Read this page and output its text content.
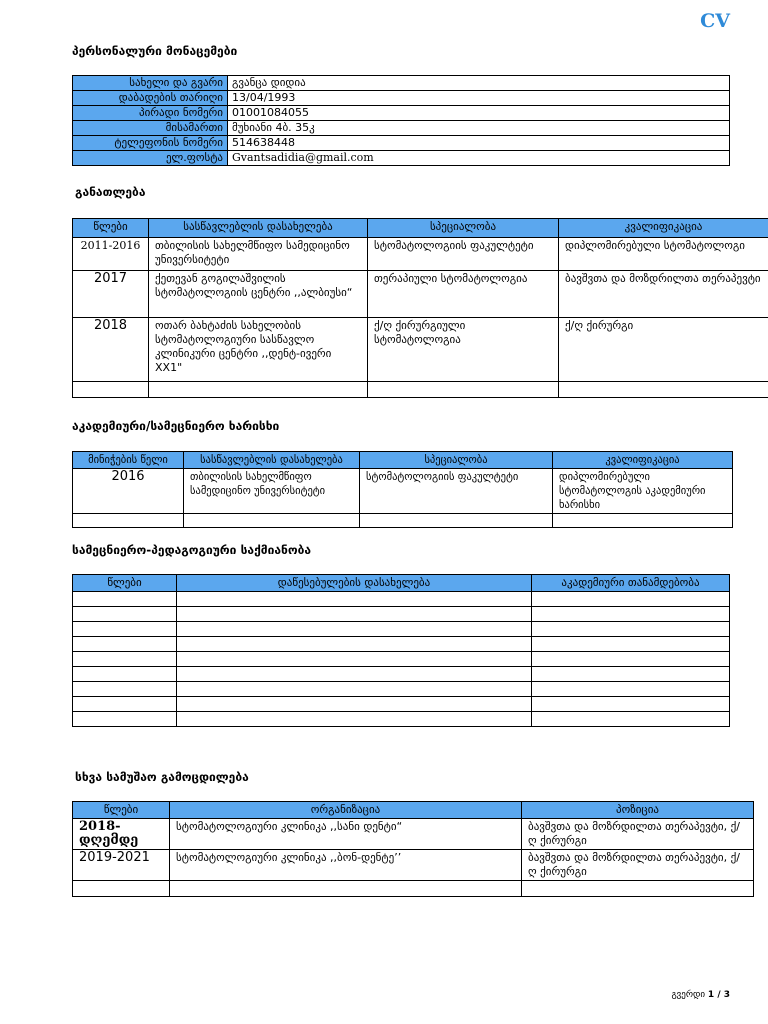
CV
პერსონალური მონაცემები
სახელი და გვარი	გვანცა დიდია
დაბადების თარიღი	13/04/1993
პირადი ნომერი	01001084055
მისამართი	მუხიანი 4ბ. 35კ
ტელეფონის ნომერი	514638448
ელ.ფოსტა	Gvantsadidia@gmail.com
განათლება
წლები	სასწავლებლის დასახელება	სპეციალობა	კვალიფიკაცია
2011-2016	თბილისის სახელმწიფო სამედიცინო უნივერსიტეტი	სტომატოლოგიის ფაკულტეტი	დიპლომირებული სტომატოლოგი
2017	ქეთევან გოგილაშვილის სტომატოლოგიის ცენტრი ,,ალბიუსი“	თერაპიული სტომატოლოგია	ბავშვთა და მოზდრილთა თერაპევტი
2018	ოთარ ბახტაძის სახელობის სტომატოლოგიური სასწავლო კლინიკური ცენტრი ,,დენტ-ივერი XX1"	ქ/ღ ქირურგიული სტომატოლოგია	ქ/ღ ქირურგი

აკადემიური/სამეცნიერო ხარისხი
მინიჭების წელი	სასწავლებლის დასახელება	სპეციალობა	კვალიფიკაცია
2016	თბილისის სახელმწიფო სამედიცინო უნივერსიტეტი	სტომატოლოგიის ფაკულტეტი	დიპლომირებული სტომატოლოგის აკადემიური ხარისხი

სამეცნიერო-პედაგოგიური საქმიანობა
წლები	დაწესებულების დასახელება	აკადემიური თანამდებობა

სხვა სამუშაო გამოცდილება
წლები	ორგანიზაცია	პოზიცია
2018-დღემდე	სტომატოლოგიური კლინიკა ,,სანი დენტი“	ბავშვთა და მოზრდილთა თერაპევტი, ქ/ღ ქირურგი
2019-2021	სტომატოლოგიური კლინიკა ,,ბონ-დენტე’’	ბავშვთა და მოზრდილთა თერაპევტი, ქ/ღ ქირურგი

გვერდი 1 / 3
